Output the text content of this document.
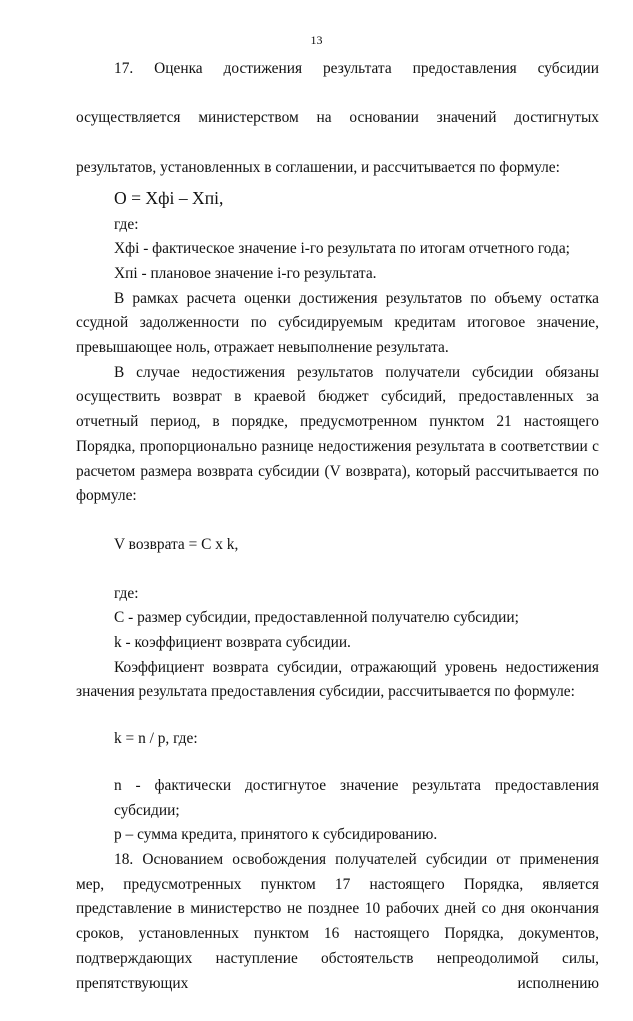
13

17. Оценка достижения результата предоставления субсидии

осуществляется министерством на основании значений достигнутых

результатов, установленных в соглашении, и рассчитывается по формуле:

О = Хфі – Хпі,

где:

Хфі - фактическое значение і-го результата по итогам отчетного года;

Хпі - плановое значение і-го результата.

В рамках расчета оценки достижения результатов по объему остатка ссудной задолженности по субсидируемым кредитам итоговое значение, превышающее ноль, отражает невыполнение результата.

В случае недостижения результатов получатели субсидии обязаны осуществить возврат в краевой бюджет субсидий, предоставленных за отчетный период, в порядке, предусмотренном пунктом 21 настоящего Порядка, пропорционально разнице недостижения результата в соответствии с расчетом размера возврата субсидии (V возврата), который рассчитывается по формуле:

V возврата = C x k,

где:

C - размер субсидии, предоставленной получателю субсидии;

k - коэффициент возврата субсидии.

Коэффициент возврата субсидии, отражающий уровень недостижения значения результата предоставления субсидии, рассчитывается по формуле:

k = n / p, где:

n - фактически достигнутое значение результата предоставления субсидии;

р – сумма кредита, принятого к субсидированию.

18. Основанием освобождения получателей субсидии от применения мер, предусмотренных пунктом 17 настоящего Порядка, является представление в министерство не позднее 10 рабочих дней со дня окончания сроков, установленных пунктом 16 настоящего Порядка, документов, подтверждающих наступление обстоятельств непреодолимой силы, препятствующих исполнению
